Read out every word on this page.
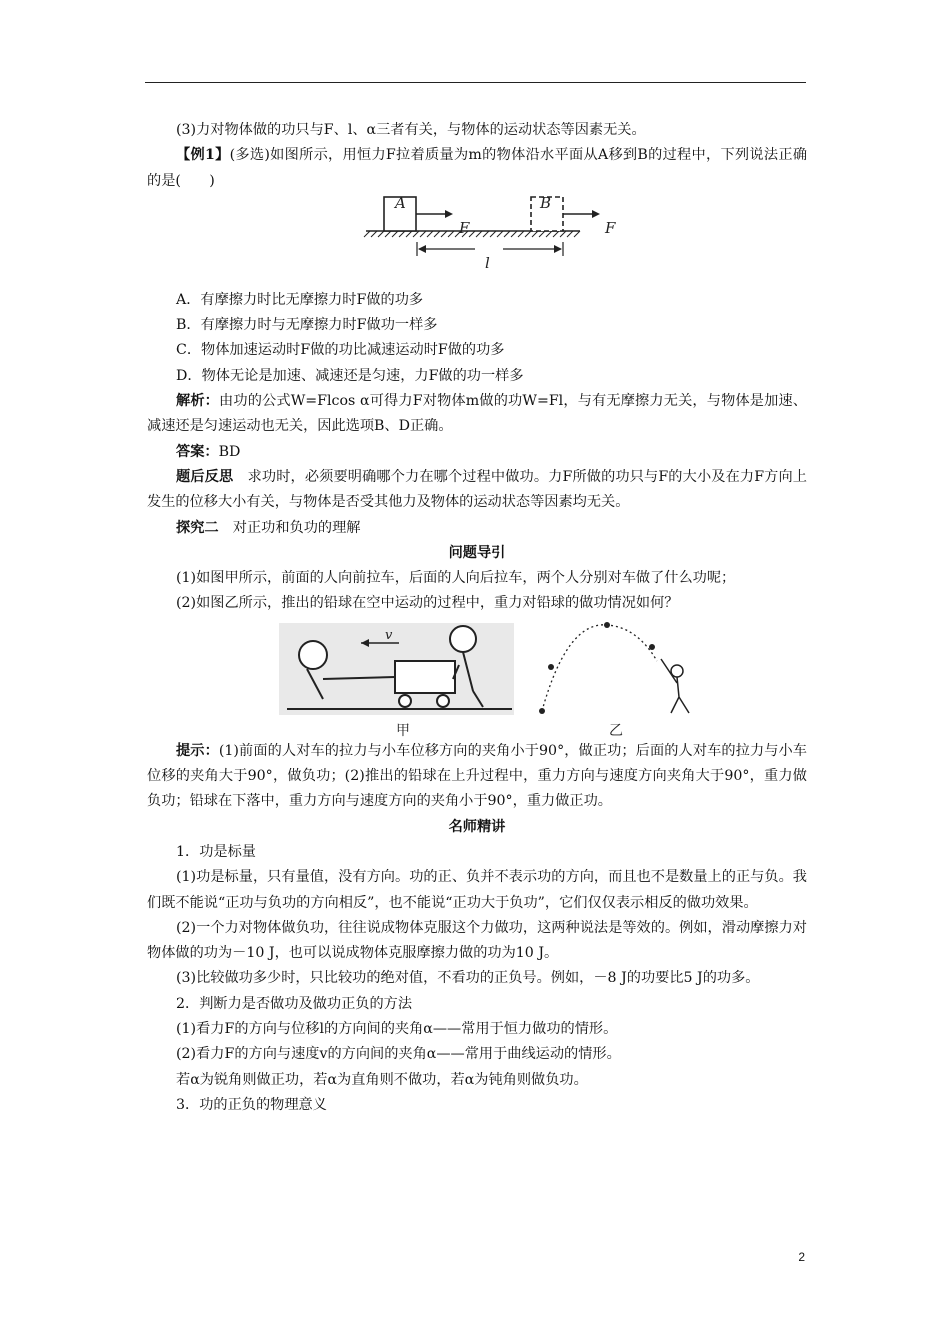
(3)力对物体做的功只与F、l、α三者有关，与物体的运动状态等因素无关。

【例1】(多选)如图所示，用恒力F拉着质量为m的物体沿水平面从A移到B的过程中，下列说法正确的是(　　)

A	B
F	F
l

A．有摩擦力时比无摩擦力时F做的功多

B．有摩擦力时与无摩擦力时F做功一样多

C．物体加速运动时F做的功比减速运动时F做的功多

D．物体无论是加速、减速还是匀速，力F做的功一样多

解析：由功的公式W=Flcos α可得力F对物体m做的功W=Fl，与有无摩擦力无关，与物体是加速、减速还是匀速运动也无关，因此选项B、D正确。

答案：BD

题后反思　求功时，必须要明确哪个力在哪个过程中做功。力F所做的功只与F的大小及在力F方向上发生的位移大小有关，与物体是否受其他力及物体的运动状态等因素均无关。

探究二　对正功和负功的理解

问题导引

(1)如图甲所示，前面的人向前拉车，后面的人向后拉车，两个人分别对车做了什么功呢；

(2)如图乙所示，推出的铅球在空中运动的过程中，重力对铅球的做功情况如何？

v
甲	乙

提示：(1)前面的人对车的拉力与小车位移方向的夹角小于90°，做正功；后面的人对车的拉力与小车位移的夹角大于90°，做负功；(2)推出的铅球在上升过程中，重力方向与速度方向夹角大于90°，重力做负功；铅球在下落中，重力方向与速度方向的夹角小于90°，重力做正功。

名师精讲

1．功是标量

(1)功是标量，只有量值，没有方向。功的正、负并不表示功的方向，而且也不是数量上的正与负。我们既不能说“正功与负功的方向相反”，也不能说“正功大于负功”，它们仅仅表示相反的做功效果。

(2)一个力对物体做负功，往往说成物体克服这个力做功，这两种说法是等效的。例如，滑动摩擦力对物体做的功为－10 J，也可以说成物体克服摩擦力做的功为10 J。

(3)比较做功多少时，只比较功的绝对值，不看功的正负号。例如，－8 J的功要比5 J的功多。

2．判断力是否做功及做功正负的方法

(1)看力F的方向与位移l的方向间的夹角α——常用于恒力做功的情形。

(2)看力F的方向与速度v的方向间的夹角α——常用于曲线运动的情形。

若α为锐角则做正功，若α为直角则不做功，若α为钝角则做负功。

3．功的正负的物理意义

2
